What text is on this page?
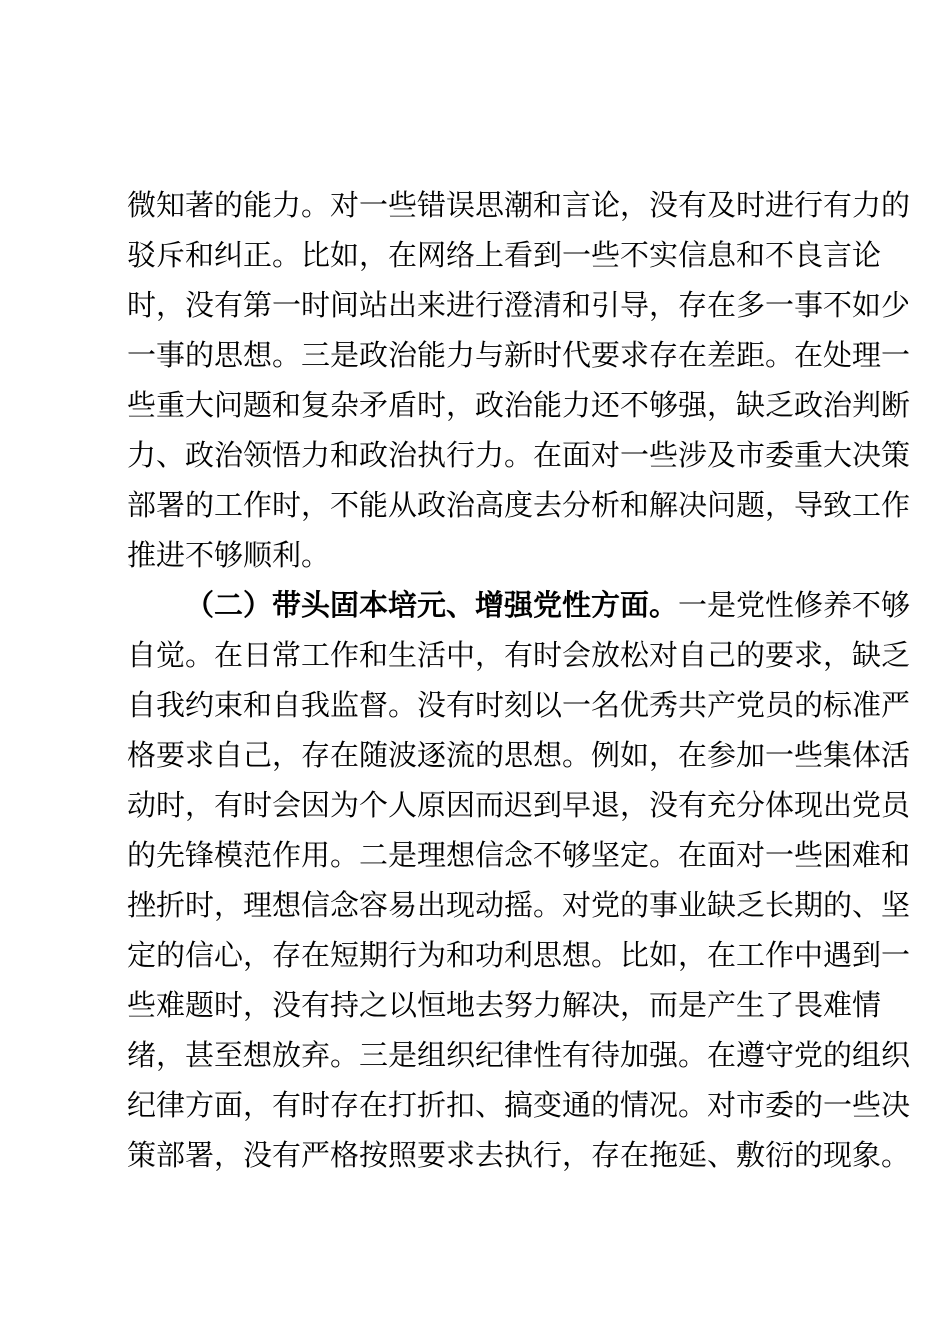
微知著的能力。对一些错误思潮和言论，没有及时进行有力的
驳斥和纠正。比如，在网络上看到一些不实信息和不良言论
时，没有第一时间站出来进行澄清和引导，存在多一事不如少
一事的思想。三是政治能力与新时代要求存在差距。在处理一
些重大问题和复杂矛盾时，政治能力还不够强，缺乏政治判断
力、政治领悟力和政治执行力。在面对一些涉及市委重大决策
部署的工作时，不能从政治高度去分析和解决问题，导致工作
推进不够顺利。
（二）带头固本培元、增强党性方面。一是党性修养不够
自觉。在日常工作和生活中，有时会放松对自己的要求，缺乏
自我约束和自我监督。没有时刻以一名优秀共产党员的标准严
格要求自己，存在随波逐流的思想。例如，在参加一些集体活
动时，有时会因为个人原因而迟到早退，没有充分体现出党员
的先锋模范作用。二是理想信念不够坚定。在面对一些困难和
挫折时，理想信念容易出现动摇。对党的事业缺乏长期的、坚
定的信心，存在短期行为和功利思想。比如，在工作中遇到一
些难题时，没有持之以恒地去努力解决，而是产生了畏难情
绪，甚至想放弃。三是组织纪律性有待加强。在遵守党的组织
纪律方面，有时存在打折扣、搞变通的情况。对市委的一些决
策部署，没有严格按照要求去执行，存在拖延、敷衍的现象。
